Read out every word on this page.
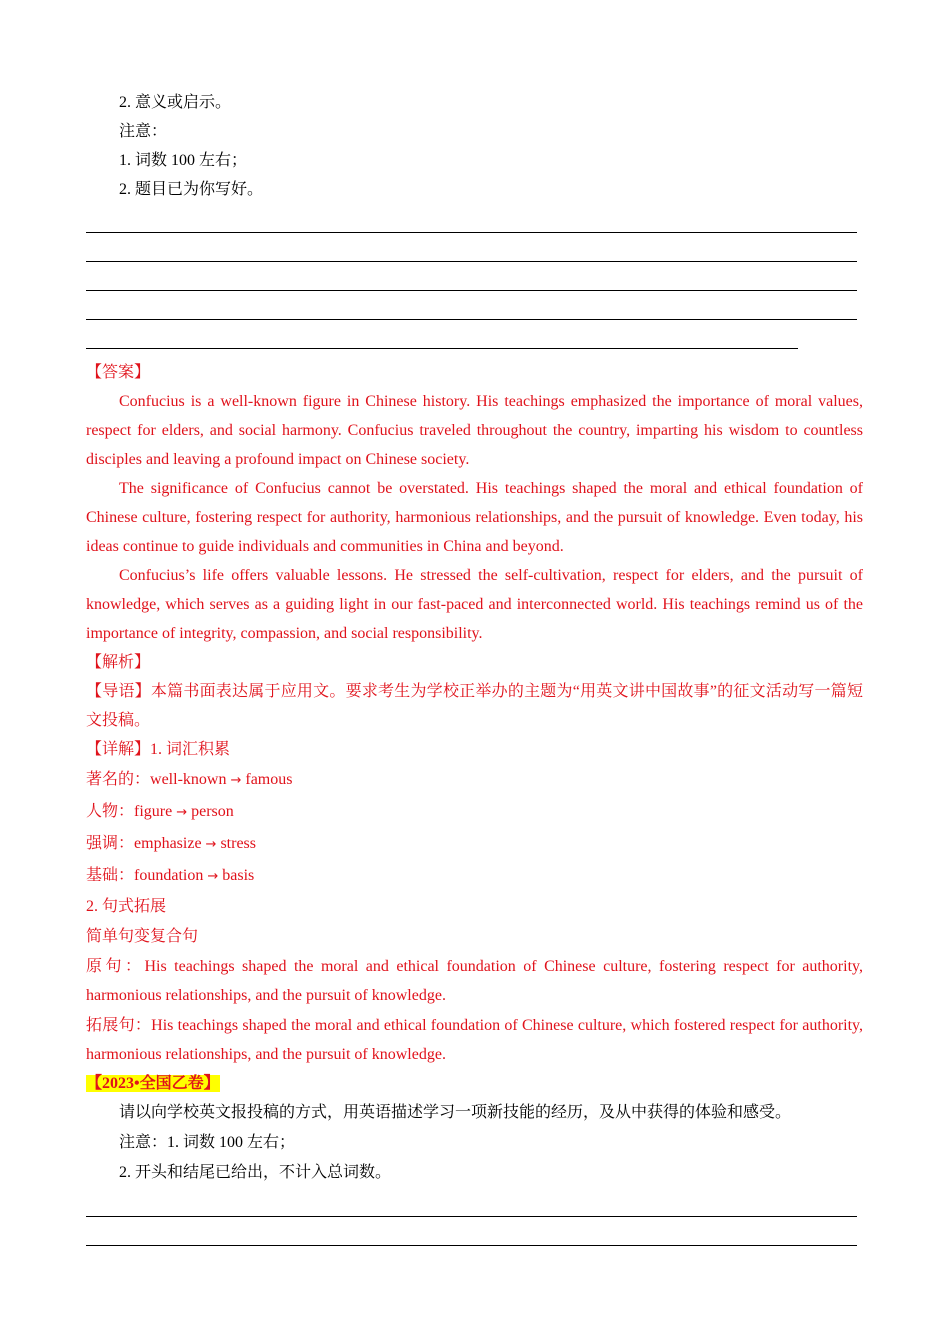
2. 意义或启示。

注意：

1. 词数 100 左右；

2. 题目已为你写好。

【答案】

Confucius is a well-known figure in Chinese history. His teachings emphasized the importance of moral values, respect for elders, and social harmony. Confucius traveled throughout the country, imparting his wisdom to countless disciples and leaving a profound impact on Chinese society.

The significance of Confucius cannot be overstated. His teachings shaped the moral and ethical foundation of Chinese culture, fostering respect for authority, harmonious relationships, and the pursuit of knowledge. Even today, his ideas continue to guide individuals and communities in China and beyond.

Confucius’s life offers valuable lessons. He stressed the self-cultivation, respect for elders, and the pursuit of knowledge, which serves as a guiding light in our fast-paced and interconnected world. His teachings remind us of the importance of integrity, compassion, and social responsibility.

【解析】

【导语】本篇书面表达属于应用文。要求考生为学校正举办的主题为“用英文讲中国故事”的征文活动写一篇短文投稿。

【详解】1. 词汇积累

著名的：well-known → famous

人物：figure → person

强调：emphasize → stress

基础：foundation → basis

2. 句式拓展

简单句变复合句

原句：His teachings shaped the moral and ethical foundation of Chinese culture, fostering respect for authority, harmonious relationships, and the pursuit of knowledge.

拓展句：His teachings shaped the moral and ethical foundation of Chinese culture, which fostered respect for authority, harmonious relationships, and the pursuit of knowledge.

【2023•全国乙卷】

请以向学校英文报投稿的方式，用英语描述学习一项新技能的经历，及从中获得的体验和感受。

注意：1. 词数 100 左右；

2. 开头和结尾已给出，不计入总词数。
